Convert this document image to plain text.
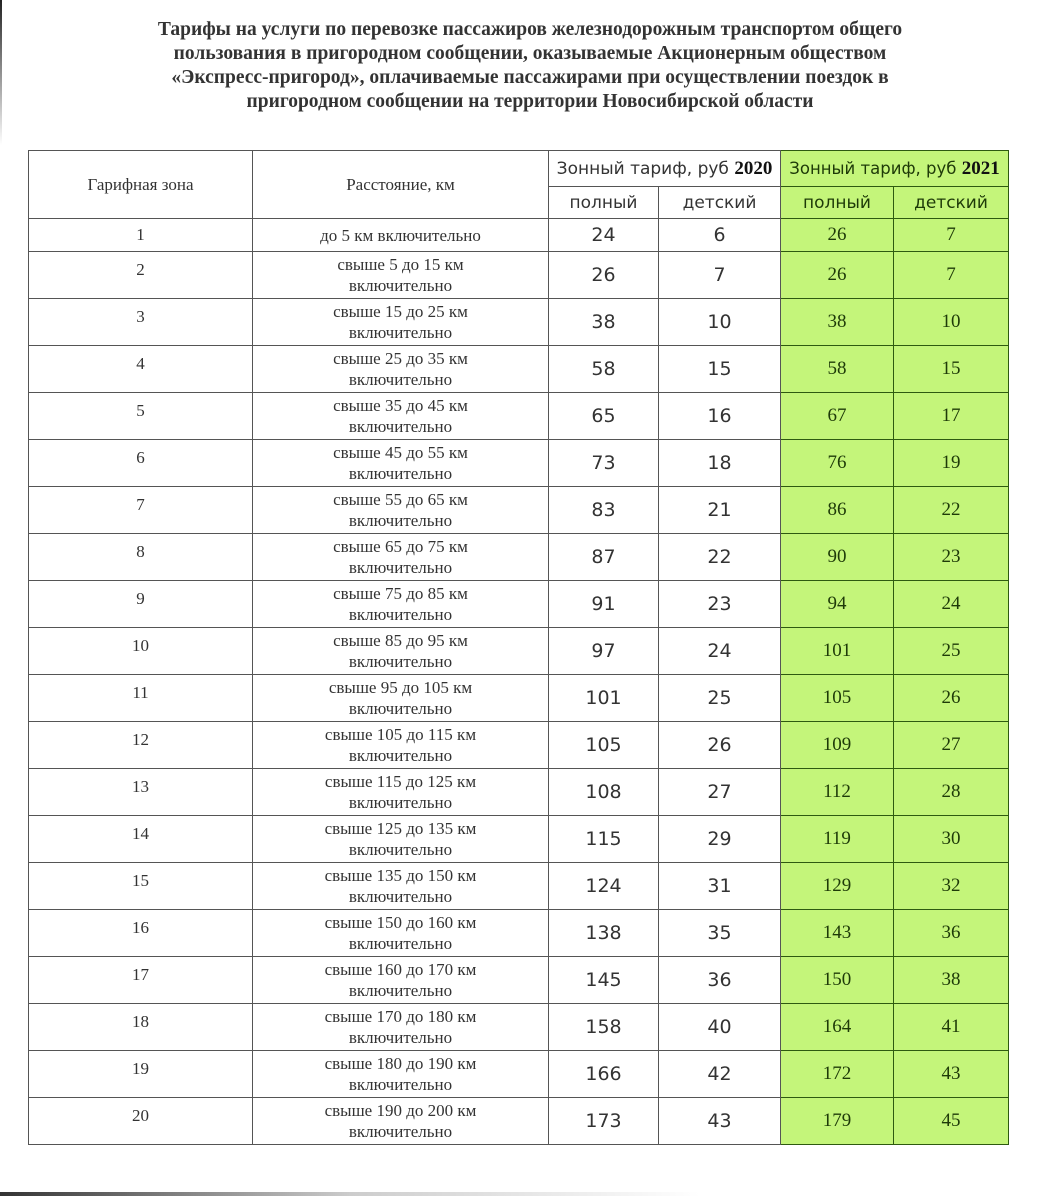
Тарифы на услуги по перевозке пассажиров железнодорожным транспортом общего
пользования в пригородном сообщении, оказываемые Акционерным обществом
«Экспресс-пригород», оплачиваемые пассажирами при осуществлении поездок в
пригородном сообщении на территории Новосибирской области
Гарифная зона	Расстояние, км	Зонный тариф, руб 2020		Зонный тариф, руб 2021	
		полный	детский	полный	детский
1	до 5 км включительно	24	6	26	7
2	свыше 5 до 15 км
включительно	26	7	26	7
3	свыше 15 до 25 км
включительно	38	10	38	10
4	свыше 25 до 35 км
включительно	58	15	58	15
5	свыше 35 до 45 км
включительно	65	16	67	17
6	свыше 45 до 55 км
включительно	73	18	76	19
7	свыше 55 до 65 км
включительно	83	21	86	22
8	свыше 65 до 75 км
включительно	87	22	90	23
9	свыше 75 до 85 км
включительно	91	23	94	24
10	свыше 85 до 95 км
включительно	97	24	101	25
11	свыше 95 до 105 км
включительно	101	25	105	26
12	свыше 105 до 115 км
включительно	105	26	109	27
13	свыше 115 до 125 км
включительно	108	27	112	28
14	свыше 125 до 135 км
включительно	115	29	119	30
15	свыше 135 до 150 км
включительно	124	31	129	32
16	свыше 150 до 160 км
включительно	138	35	143	36
17	свыше 160 до 170 км
включительно	145	36	150	38
18	свыше 170 до 180 км
включительно	158	40	164	41
19	свыше 180 до 190 км
включительно	166	42	172	43
20	свыше 190 до 200 км
включительно	173	43	179	45
